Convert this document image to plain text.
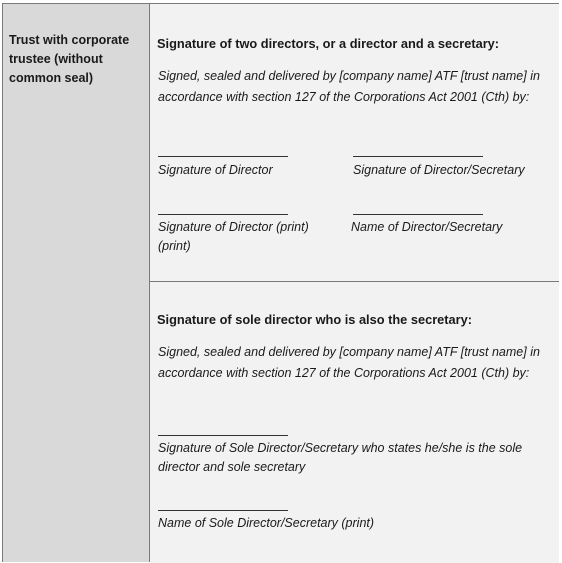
Trust with corporate trustee (without common seal)
Signature of two directors, or a director and a secretary:
Signed, sealed and delivered by [company name] ATF [trust name] in accordance with section 127 of the Corporations Act 2001 (Cth) by:
Signature of Director	Signature of Director/Secretary
Signature of Director (print) (print)
Name of Director/Secretary
Signature of sole director who is also the secretary:
Signed, sealed and delivered by [company name] ATF [trust name] in accordance with section 127 of the Corporations Act 2001 (Cth) by:
Signature of Sole Director/Secretary who states he/she is the sole director and sole secretary
Name of Sole Director/Secretary (print)
